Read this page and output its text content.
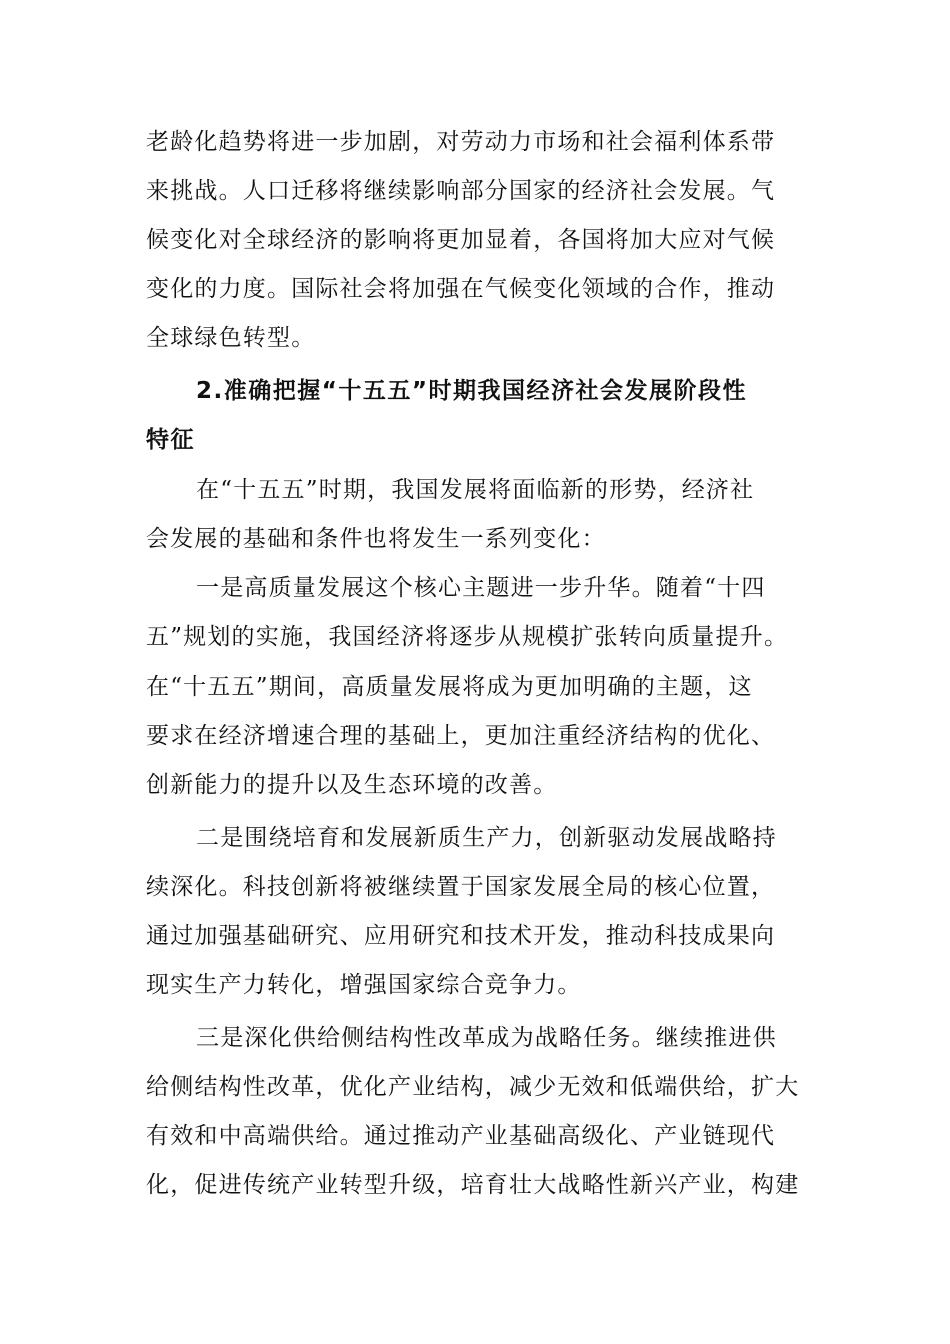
老龄化趋势将进一步加剧，对劳动力市场和社会福利体系带
来挑战。人口迁移将继续影响部分国家的经济社会发展。气
候变化对全球经济的影响将更加显着，各国将加大应对气候
变化的力度。国际社会将加强在气候变化领域的合作，推动
全球绿色转型。
2.准确把握“十五五”时期我国经济社会发展阶段性
特征
在“十五五”时期，我国发展将面临新的形势，经济社
会发展的基础和条件也将发生一系列变化：
一是高质量发展这个核心主题进一步升华。随着“十四
五”规划的实施，我国经济将逐步从规模扩张转向质量提升。
在“十五五”期间，高质量发展将成为更加明确的主题，这
要求在经济增速合理的基础上，更加注重经济结构的优化、
创新能力的提升以及生态环境的改善。
二是围绕培育和发展新质生产力，创新驱动发展战略持
续深化。科技创新将被继续置于国家发展全局的核心位置，
通过加强基础研究、应用研究和技术开发，推动科技成果向
现实生产力转化，增强国家综合竞争力。
三是深化供给侧结构性改革成为战略任务。继续推进供
给侧结构性改革，优化产业结构，减少无效和低端供给，扩大
有效和中高端供给。通过推动产业基础高级化、产业链现代
化，促进传统产业转型升级，培育壮大战略性新兴产业，构建
